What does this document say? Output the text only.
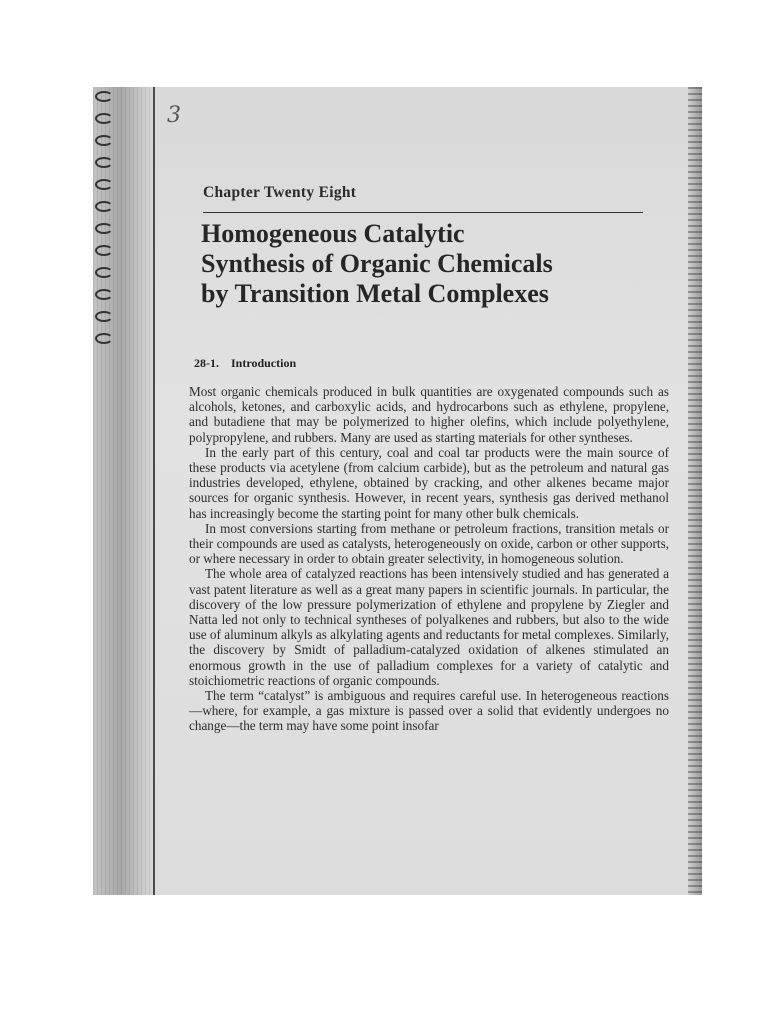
3
Chapter Twenty Eight
Homogeneous Catalytic
Synthesis of Organic Chemicals
by Transition Metal Complexes
28-1. Introduction

Most organic chemicals produced in bulk quantities are oxygenated compounds such as alcohols, ketones, and carboxylic acids, and hydrocarbons such as ethylene, propylene, and butadiene that may be polymerized to higher olefins, which include polyethylene, polypropylene, and rubbers. Many are used as starting materials for other syntheses.

In the early part of this century, coal and coal tar products were the main source of these products via acetylene (from calcium carbide), but as the petroleum and natural gas industries developed, ethylene, obtained by cracking, and other alkenes became major sources for organic synthesis. However, in recent years, synthesis gas derived methanol has increasingly become the starting point for many other bulk chemicals.

In most conversions starting from methane or petroleum fractions, transition metals or their compounds are used as catalysts, heterogeneously on oxide, carbon or other supports, or where necessary in order to obtain greater selectivity, in homogeneous solution.

The whole area of catalyzed reactions has been intensively studied and has generated a vast patent literature as well as a great many papers in scientific journals. In particular, the discovery of the low pressure polymerization of ethylene and propylene by Ziegler and Natta led not only to technical syntheses of polyalkenes and rubbers, but also to the wide use of aluminum alkyls as alkylating agents and reductants for metal complexes. Similarly, the discovery by Smidt of palladium-catalyzed oxidation of alkenes stimulated an enormous growth in the use of palladium complexes for a variety of catalytic and stoichiometric reactions of organic compounds.

The term “catalyst” is ambiguous and requires careful use. In heterogeneous reactions—where, for example, a gas mixture is passed over a solid that evidently undergoes no change—the term may have some point insofar
